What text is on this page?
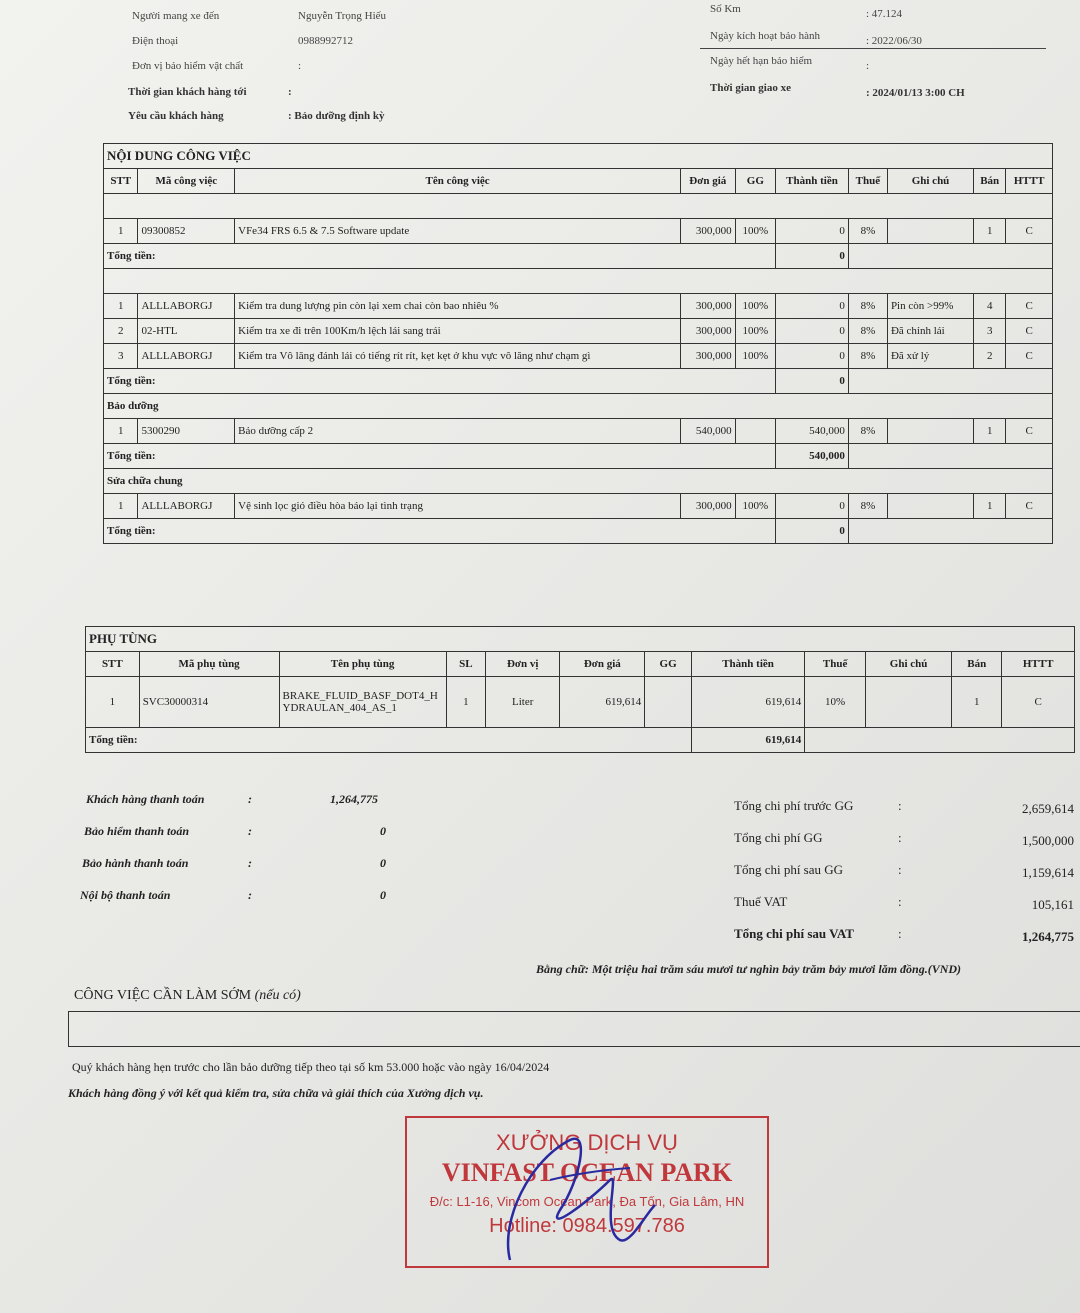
Người mang xe đến	Nguyễn Trọng Hiếu
Điện thoại	0988992712
Đơn vị bảo hiểm vật chất	:
Thời gian khách hàng tới	:
Yêu cầu khách hàng	: Bảo dưỡng định kỳ
Số Km	: 47.124
Ngày kích hoạt bảo hành	: 2022/06/30
Ngày hết hạn bảo hiểm	:
Thời gian giao xe	: 2024/01/13 3:00 CH
NỘI DUNG CÔNG VIỆC									
STT	Mã công việc	Tên công việc	Đơn giá	GG	Thành tiền	Thuế	Ghi chú	Bán	HTTT

1	09300852	VFe34 FRS 6.5 & 7.5 Software update	300,000	100%	0	8%		1	C
Tổng tiền:					0				

1	ALLLABORGJ	Kiểm tra dung lượng pin còn lại xem chai còn bao nhiêu %	300,000	100%	0	8%	Pin còn >99%	4	C
2	02-HTL	Kiểm tra xe đi trên 100Km/h lệch lái sang trái	300,000	100%	0	8%	Đã chỉnh lái	3	C
3	ALLLABORGJ	Kiểm tra Vô lăng đánh lái có tiếng rít rít, kẹt kẹt ở khu vực vô lăng như chạm gì	300,000	100%	0	8%	Đã xử lý	2	C
Tổng tiền:					0				
Bảo dưỡng									
1	5300290	Bảo dưỡng cấp 2	540,000		540,000	8%		1	C
Tổng tiền:					540,000				
Sửa chữa chung									
1	ALLLABORGJ	Vệ sinh lọc gió điều hòa báo lại tình trạng	300,000	100%	0	8%		1	C
Tổng tiền:					0				
PHỤ TÙNG											
STT	Mã phụ tùng	Tên phụ tùng	SL	Đơn vị	Đơn giá	GG	Thành tiền	Thuế	Ghi chú	Bán	HTTT
1	SVC30000314	BRAKE_FLUID_BASF_DOT4_HYDRAULAN_404_AS_1	1	Liter	619,614		619,614	10%		1	C
Tổng tiền:							619,614				
Khách hàng thanh toán	:	1,264,775
Bảo hiểm thanh toán	:	0
Bảo hành thanh toán	:	0
Nội bộ thanh toán	:	0
Tổng chi phí trước GG	:	2,659,614
Tổng chi phí GG	:	1,500,000
Tổng chi phí sau GG	:	1,159,614
Thuế VAT	:	105,161
Tổng chi phí sau VAT	:	1,264,775
Bằng chữ: Một triệu hai trăm sáu mươi tư nghìn bảy trăm bảy mươi lăm đồng.(VND)
CÔNG VIỆC CẦN LÀM SỚM (nếu có)
Quý khách hàng hẹn trước cho lần bảo dưỡng tiếp theo tại số km 53.000 hoặc vào ngày 16/04/2024
Khách hàng đồng ý với kết quả kiểm tra, sửa chữa và giải thích của Xưởng dịch vụ.
XƯỞNG DỊCH VỤ
VINFAST OCEAN PARK
Đ/c: L1-16, Vincom Ocean Park, Đa Tốn, Gia Lâm, HN
Hotline: 0984.597.786
